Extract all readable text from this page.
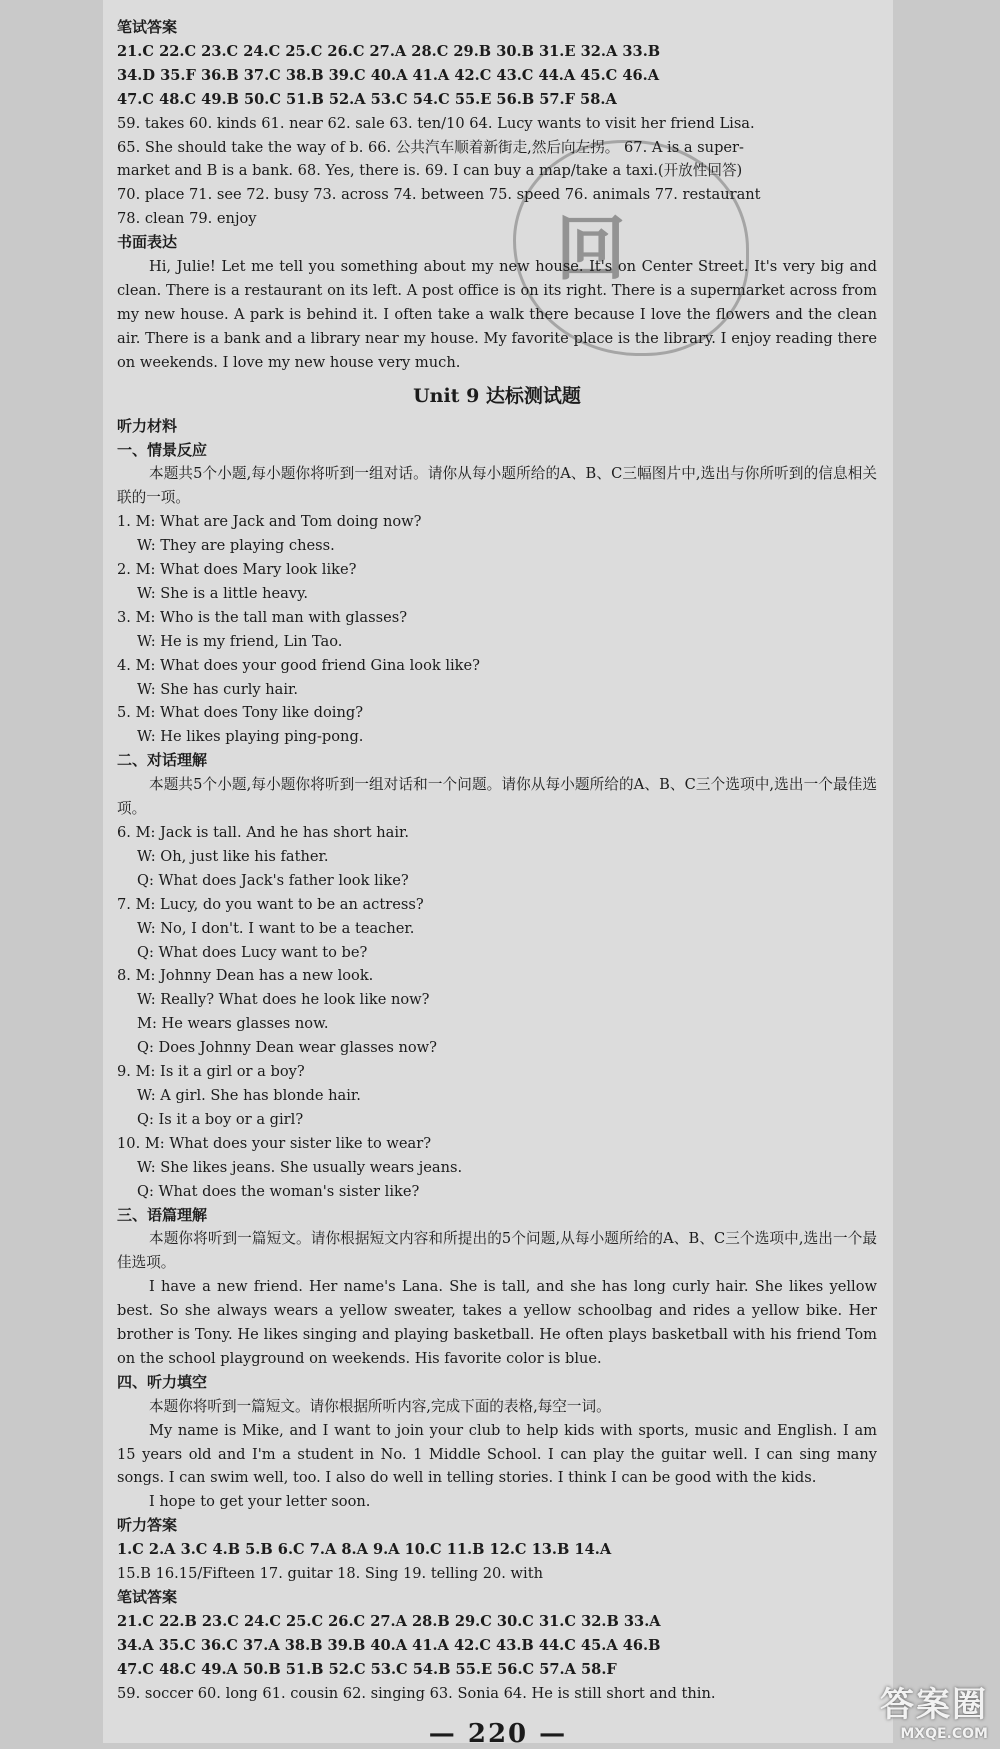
笔试答案
21.C 22.C 23.C 24.C 25.C 26.C 27.A 28.C 29.B 30.B 31.E 32.A 33.B
34.D 35.F 36.B 37.C 38.B 39.C 40.A 41.A 42.C 43.C 44.A 45.C 46.A
47.C 48.C 49.B 50.C 51.B 52.A 53.C 54.C 55.E 56.B 57.F 58.A
59. takes 60. kinds 61. near 62. sale 63. ten/10 64. Lucy wants to visit her friend Lisa.
65. She should take the way of b. 66. 公共汽车顺着新街走,然后向左拐。 67. A is a super-
market and B is a bank. 68. Yes, there is. 69. I can buy a map/take a taxi.(开放性回答)
70. place 71. see 72. busy 73. across 74. between 75. speed 76. animals 77. restaurant
78. clean 79. enjoy
书面表达
Hi, Julie! Let me tell you something about my new house. It's on Center Street. It's very big and clean. There is a restaurant on its left. A post office is on its right. There is a supermarket across from my new house. A park is behind it. I often take a walk there because I love the flowers and the clean air. There is a bank and a library near my house. My favorite place is the library. I enjoy reading there on weekends. I love my new house very much.
Unit 9 达标测试题
听力材料
一、情景反应
本题共5个小题,每小题你将听到一组对话。请你从每小题所给的A、B、C三幅图片中,选出与你所听到的信息相关联的一项。
1. M: What are Jack and Tom doing now?
W: They are playing chess.
2. M: What does Mary look like?
W: She is a little heavy.
3. M: Who is the tall man with glasses?
W: He is my friend, Lin Tao.
4. M: What does your good friend Gina look like?
W: She has curly hair.
5. M: What does Tony like doing?
W: He likes playing ping-pong.
二、对话理解
本题共5个小题,每小题你将听到一组对话和一个问题。请你从每小题所给的A、B、C三个选项中,选出一个最佳选项。
6. M: Jack is tall. And he has short hair.
W: Oh, just like his father.
Q: What does Jack's father look like?
7. M: Lucy, do you want to be an actress?
W: No, I don't. I want to be a teacher.
Q: What does Lucy want to be?
8. M: Johnny Dean has a new look.
W: Really? What does he look like now?
M: He wears glasses now.
Q: Does Johnny Dean wear glasses now?
9. M: Is it a girl or a boy?
W: A girl. She has blonde hair.
Q: Is it a boy or a girl?
10. M: What does your sister like to wear?
W: She likes jeans. She usually wears jeans.
Q: What does the woman's sister like?
三、语篇理解
本题你将听到一篇短文。请你根据短文内容和所提出的5个问题,从每小题所给的A、B、C三个选项中,选出一个最佳选项。
I have a new friend. Her name's Lana. She is tall, and she has long curly hair. She likes yellow best. So she always wears a yellow sweater, takes a yellow schoolbag and rides a yellow bike. Her brother is Tony. He likes singing and playing basketball. He often plays basketball with his friend Tom on the school playground on weekends. His favorite color is blue.
四、听力填空
本题你将听到一篇短文。请你根据所听内容,完成下面的表格,每空一词。
My name is Mike, and I want to join your club to help kids with sports, music and English. I am 15 years old and I'm a student in No. 1 Middle School. I can play the guitar well. I can sing many songs. I can swim well, too. I also do well in telling stories. I think I can be good with the kids.
I hope to get your letter soon.
听力答案
1.C 2.A 3.C 4.B 5.B 6.C 7.A 8.A 9.A 10.C 11.B 12.C 13.B 14.A
15.B 16.15/Fifteen 17. guitar 18. Sing 19. telling 20. with
笔试答案
21.C 22.B 23.C 24.C 25.C 26.C 27.A 28.B 29.C 30.C 31.C 32.B 33.A
34.A 35.C 36.C 37.A 38.B 39.B 40.A 41.A 42.C 43.B 44.C 45.A 46.B
47.C 48.C 49.A 50.B 51.B 52.C 53.C 54.B 55.E 56.C 57.A 58.F
59. soccer 60. long 61. cousin 62. singing 63. Sonia 64. He is still short and thin.
回
— 220 —
答案圈
MXQE.COM
